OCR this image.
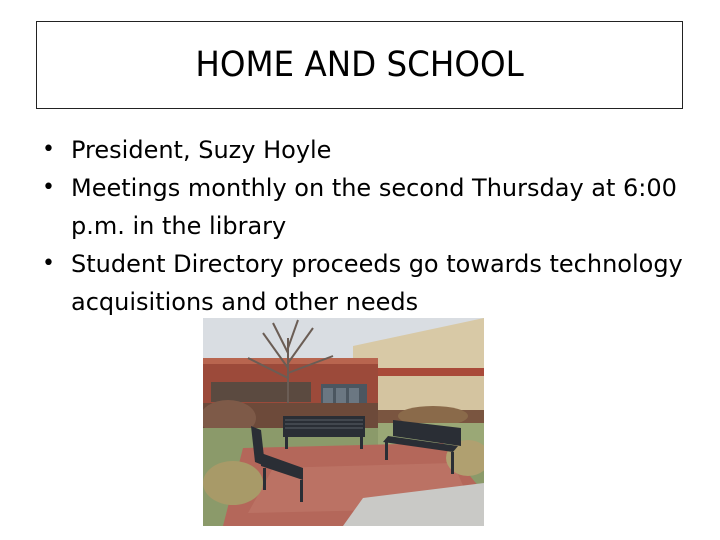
HOME AND SCHOOL
• President, Suzy Hoyle
• Meetings monthly on the second Thursday at 6:00 p.m. in the library
• Student Directory proceeds go towards technology acquisitions and other needs
